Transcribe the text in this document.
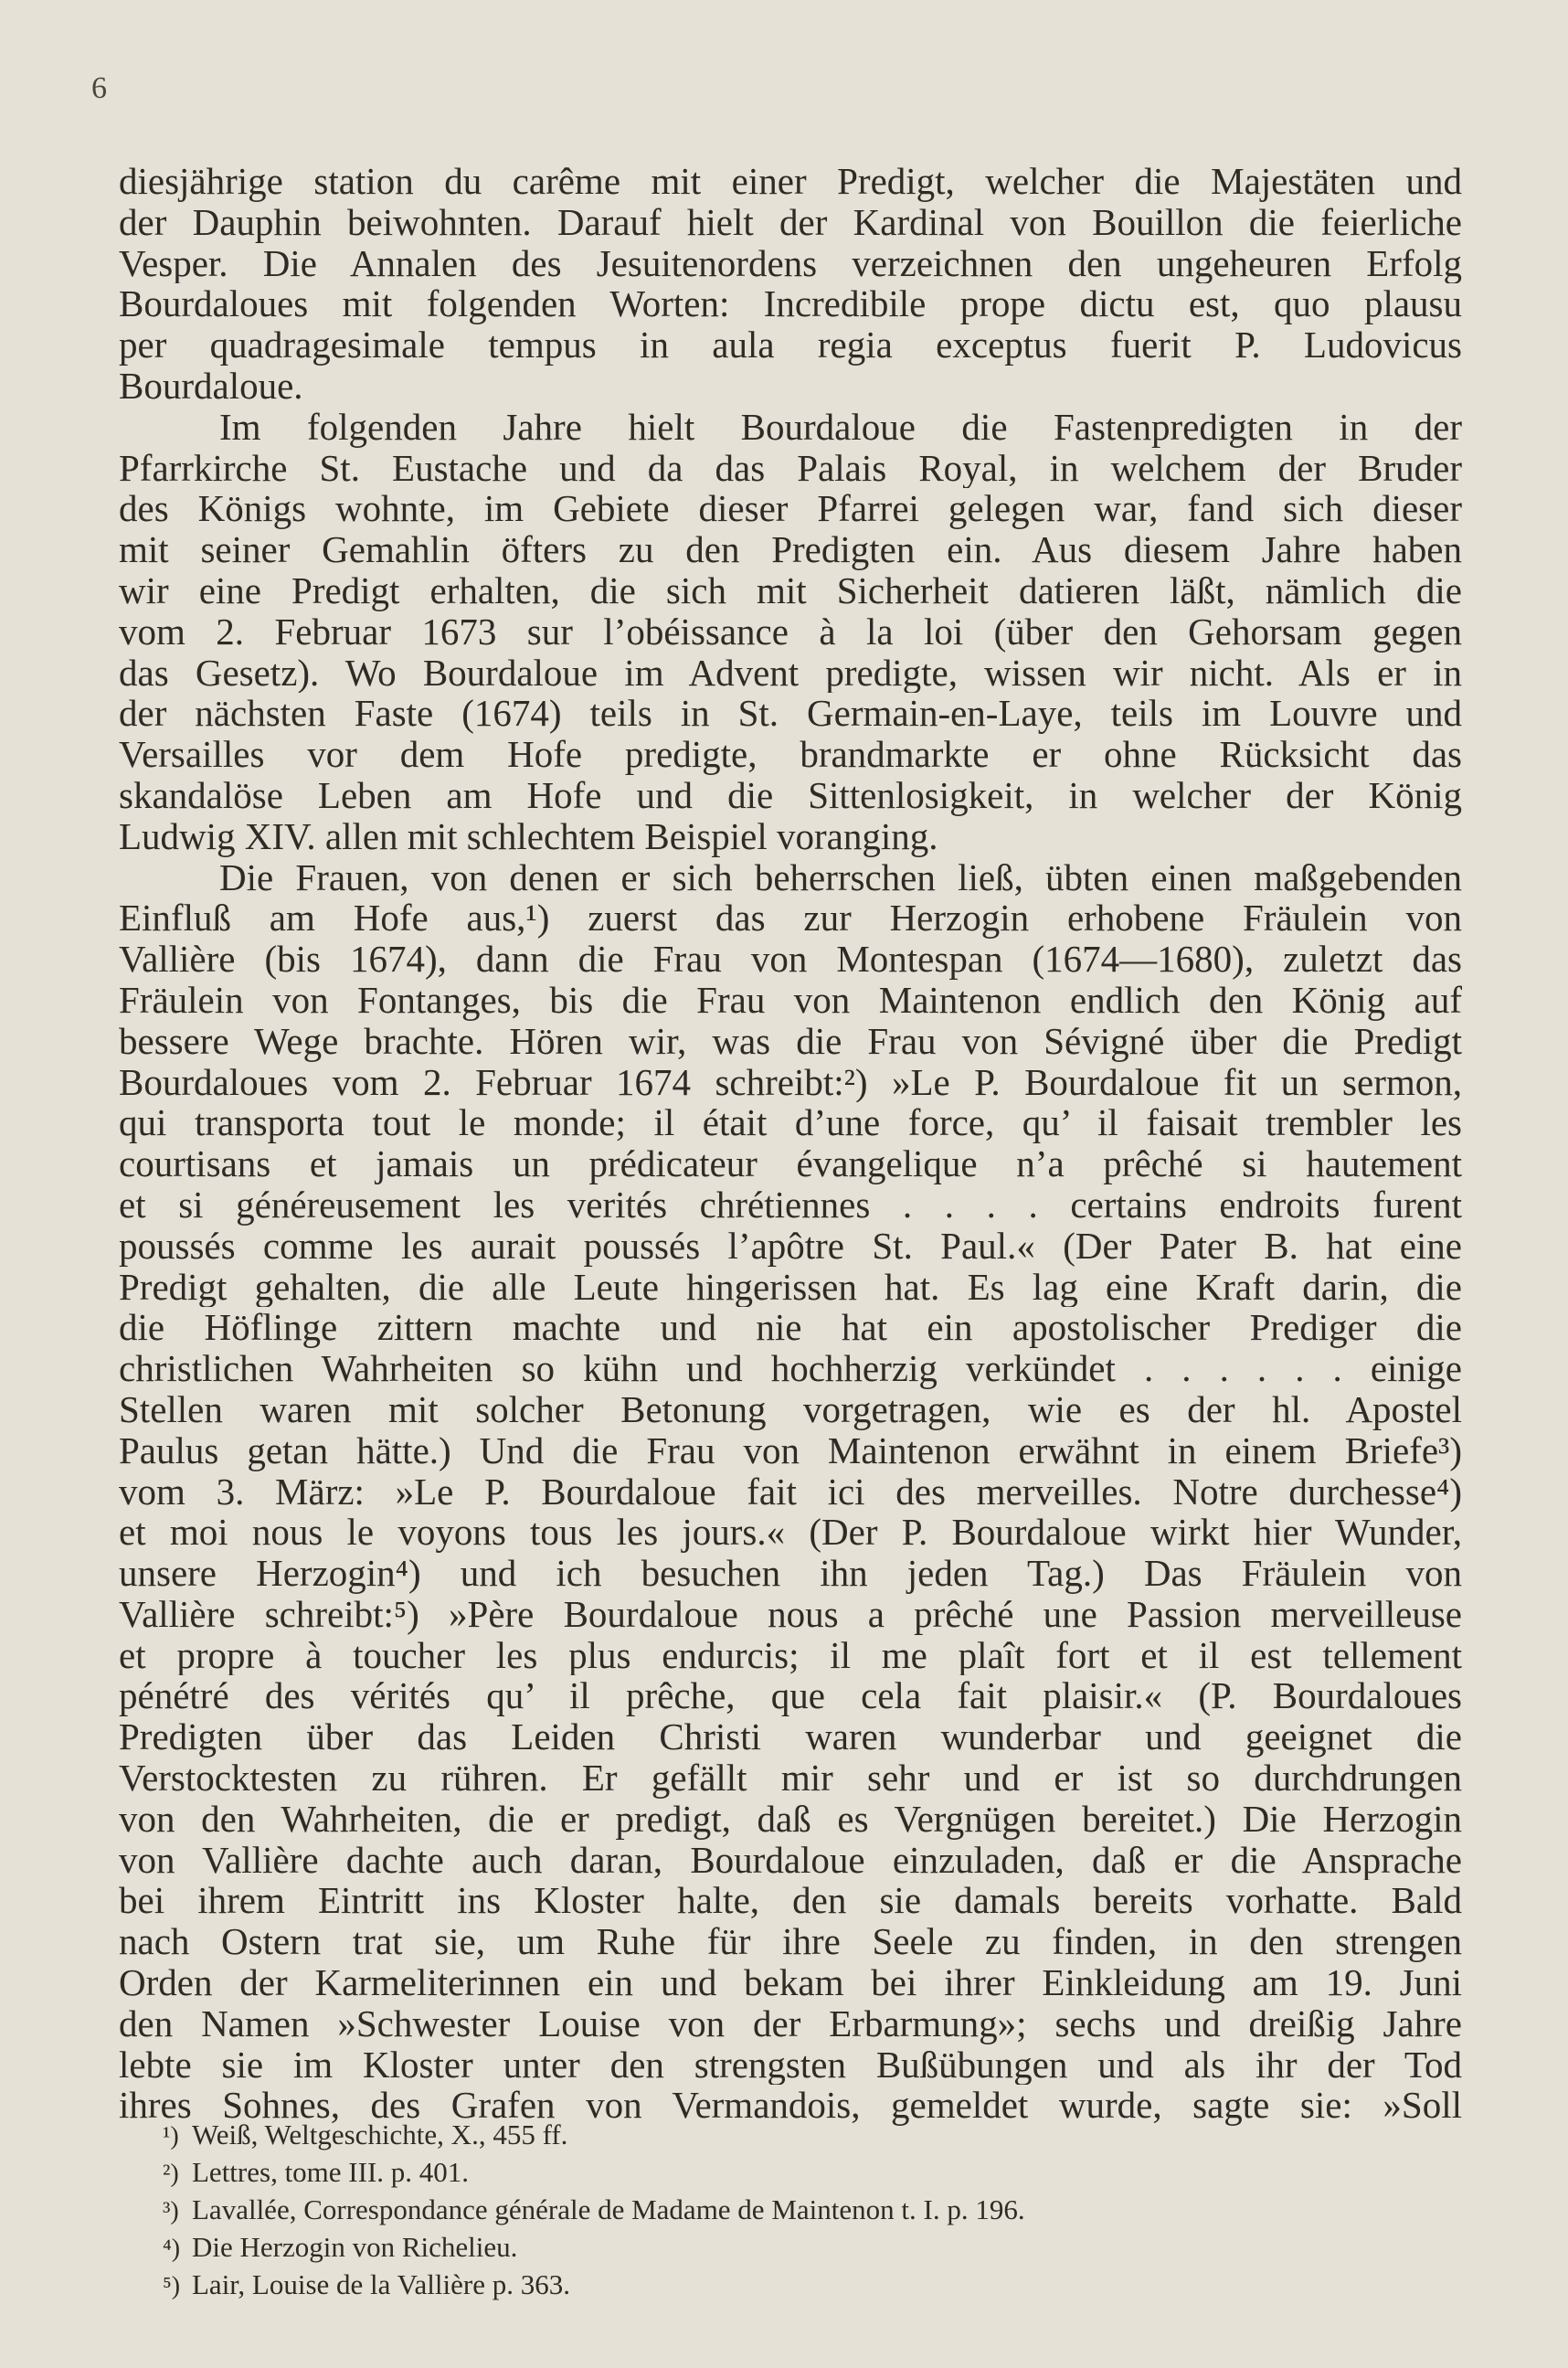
6
diesjährige station du carême mit einer Predigt, welcher die Majestäten und
der Dauphin beiwohnten. Darauf hielt der Kardinal von Bouillon die feierliche
Vesper. Die Annalen des Jesuitenordens verzeichnen den ungeheuren Erfolg
Bourdaloues mit folgenden Worten: Incredibile prope dictu est, quo plausu
per quadragesimale tempus in aula regia exceptus fuerit P. Ludovicus
Bourdaloue.
Im folgenden Jahre hielt Bourdaloue die Fastenpredigten in der
Pfarrkirche St. Eustache und da das Palais Royal, in welchem der Bruder
des Königs wohnte, im Gebiete dieser Pfarrei gelegen war, fand sich dieser
mit seiner Gemahlin öfters zu den Predigten ein. Aus diesem Jahre haben
wir eine Predigt erhalten, die sich mit Sicherheit datieren läßt, nämlich die
vom 2. Februar 1673 sur l’obéissance à la loi (über den Gehorsam gegen
das Gesetz). Wo Bourdaloue im Advent predigte, wissen wir nicht. Als er in
der nächsten Faste (1674) teils in St. Germain-en-Laye, teils im Louvre und
Versailles vor dem Hofe predigte, brandmarkte er ohne Rücksicht das
skandalöse Leben am Hofe und die Sittenlosigkeit, in welcher der König
Ludwig XIV. allen mit schlechtem Beispiel voranging.
Die Frauen, von denen er sich beherrschen ließ, übten einen maßgebenden
Einfluß am Hofe aus,¹) zuerst das zur Herzogin erhobene Fräulein von
Vallière (bis 1674), dann die Frau von Montespan (1674—1680), zuletzt das
Fräulein von Fontanges, bis die Frau von Maintenon endlich den König auf
bessere Wege brachte. Hören wir, was die Frau von Sévigné über die Predigt
Bourdaloues vom 2. Februar 1674 schreibt:²) »Le P. Bourdaloue fit un sermon,
qui transporta tout le monde; il était d’une force, qu’ il faisait trembler les
courtisans et jamais un prédicateur évangelique n’a prêché si hautement
et si généreusement les verités chrétiennes . . . . certains endroits furent
poussés comme les aurait poussés l’apôtre St. Paul.« (Der Pater B. hat eine
Predigt gehalten, die alle Leute hingerissen hat. Es lag eine Kraft darin, die
die Höflinge zittern machte und nie hat ein apostolischer Prediger die
christlichen Wahrheiten so kühn und hochherzig verkündet . . . . . . einige
Stellen waren mit solcher Betonung vorgetragen, wie es der hl. Apostel
Paulus getan hätte.) Und die Frau von Maintenon erwähnt in einem Briefe³)
vom 3. März: »Le P. Bourdaloue fait ici des merveilles. Notre durchesse⁴)
et moi nous le voyons tous les jours.« (Der P. Bourdaloue wirkt hier Wunder,
unsere Herzogin⁴) und ich besuchen ihn jeden Tag.) Das Fräulein von
Vallière schreibt:⁵) »Père Bourdaloue nous a prêché une Passion merveilleuse
et propre à toucher les plus endurcis; il me plaît fort et il est tellement
pénétré des vérités qu’ il prêche, que cela fait plaisir.« (P. Bourdaloues
Predigten über das Leiden Christi waren wunderbar und geeignet die
Verstocktesten zu rühren. Er gefällt mir sehr und er ist so durchdrungen
von den Wahrheiten, die er predigt, daß es Vergnügen bereitet.) Die Herzogin
von Vallière dachte auch daran, Bourdaloue einzuladen, daß er die Ansprache
bei ihrem Eintritt ins Kloster halte, den sie damals bereits vorhatte. Bald
nach Ostern trat sie, um Ruhe für ihre Seele zu finden, in den strengen
Orden der Karmeliterinnen ein und bekam bei ihrer Einkleidung am 19. Juni
den Namen »Schwester Louise von der Erbarmung»; sechs und dreißig Jahre
lebte sie im Kloster unter den strengsten Bußübungen und als ihr der Tod
ihres Sohnes, des Grafen von Vermandois, gemeldet wurde, sagte sie: »Soll
¹) Weiß, Weltgeschichte, X., 455 ff.
²) Lettres, tome III. p. 401.
³) Lavallée, Correspondance générale de Madame de Maintenon t. I. p. 196.
⁴) Die Herzogin von Richelieu.
⁵) Lair, Louise de la Vallière p. 363.
